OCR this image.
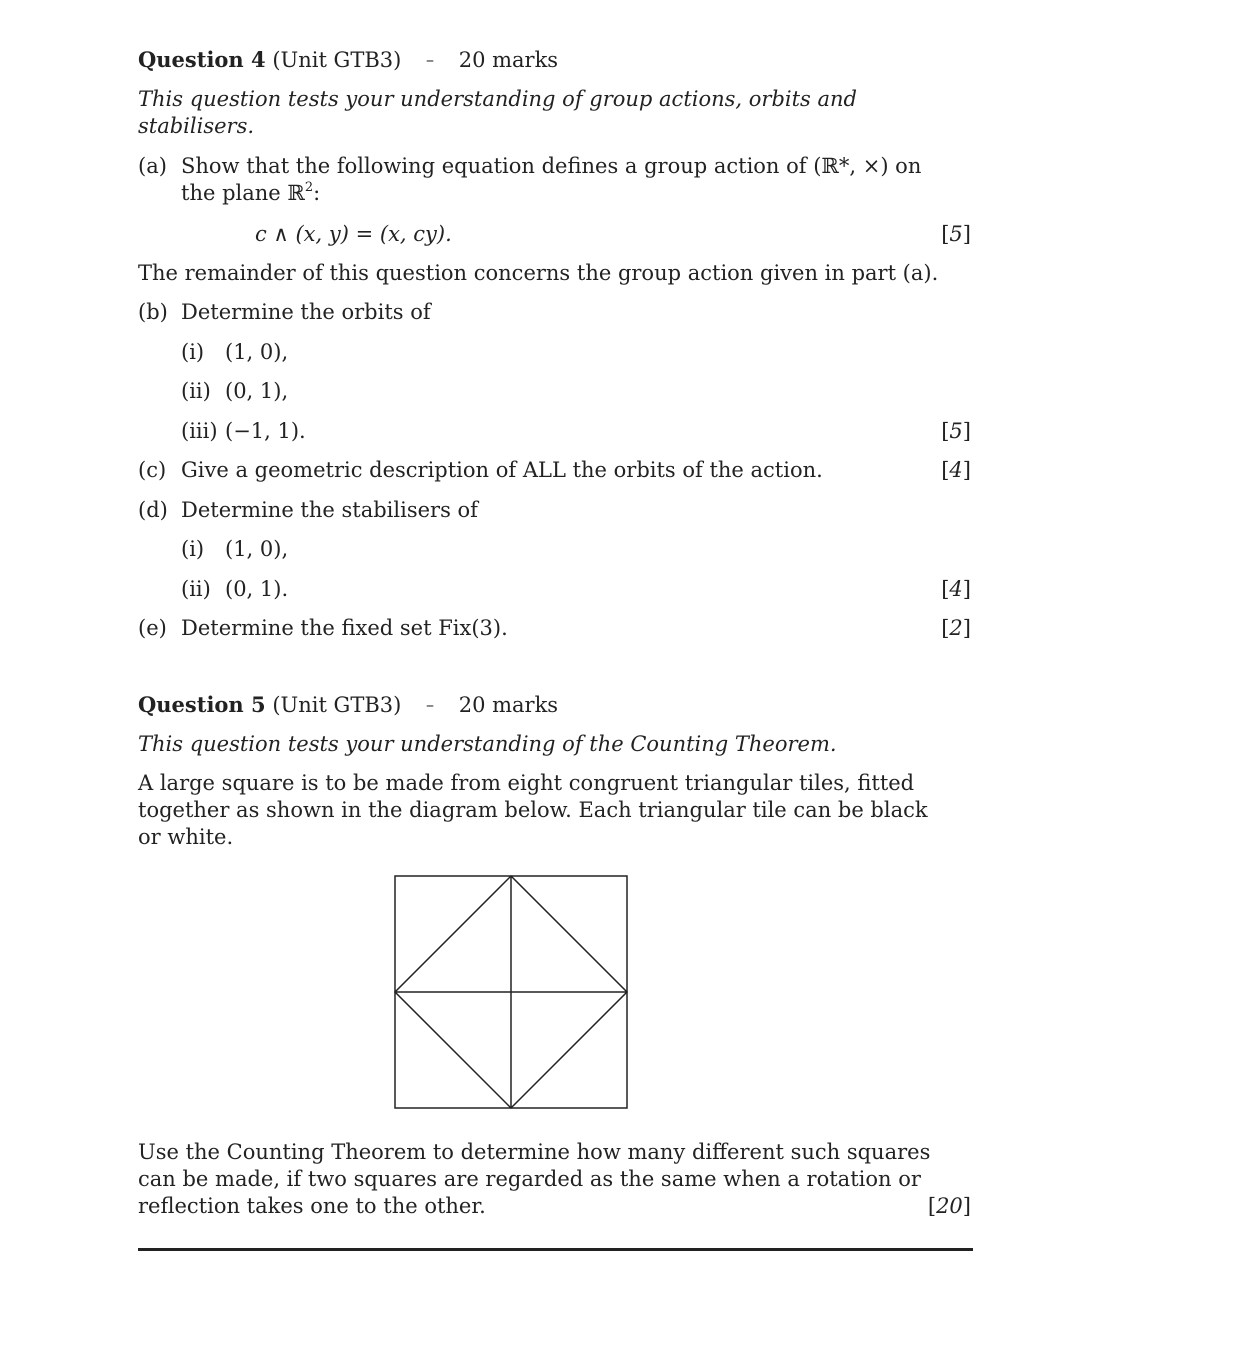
Question 4 (Unit GTB3) – 20 marks
This question tests your understanding of group actions, orbits and
stabilisers.
(a) Show that the following equation defines a group action of (ℝ*, ×) on
the plane ℝ$^2$:
c ∧ (x, y) = (x, cy).	[5]
The remainder of this question concerns the group action given in part (a).
(b) Determine the orbits of
(i) (1, 0),
(ii) (0, 1),
(iii) (−1, 1).	[5]
(c) Give a geometric description of ALL the orbits of the action.	[4]
(d) Determine the stabilisers of
(i) (1, 0),
(ii) (0, 1).	[4]
(e) Determine the fixed set Fix(3).	[2]
Question 5 (Unit GTB3) – 20 marks
This question tests your understanding of the Counting Theorem.
A large square is to be made from eight congruent triangular tiles, fitted
together as shown in the diagram below. Each triangular tile can be black
or white.
Use the Counting Theorem to determine how many different such squares
can be made, if two squares are regarded as the same when a rotation or
reflection takes one to the other.	[20]
